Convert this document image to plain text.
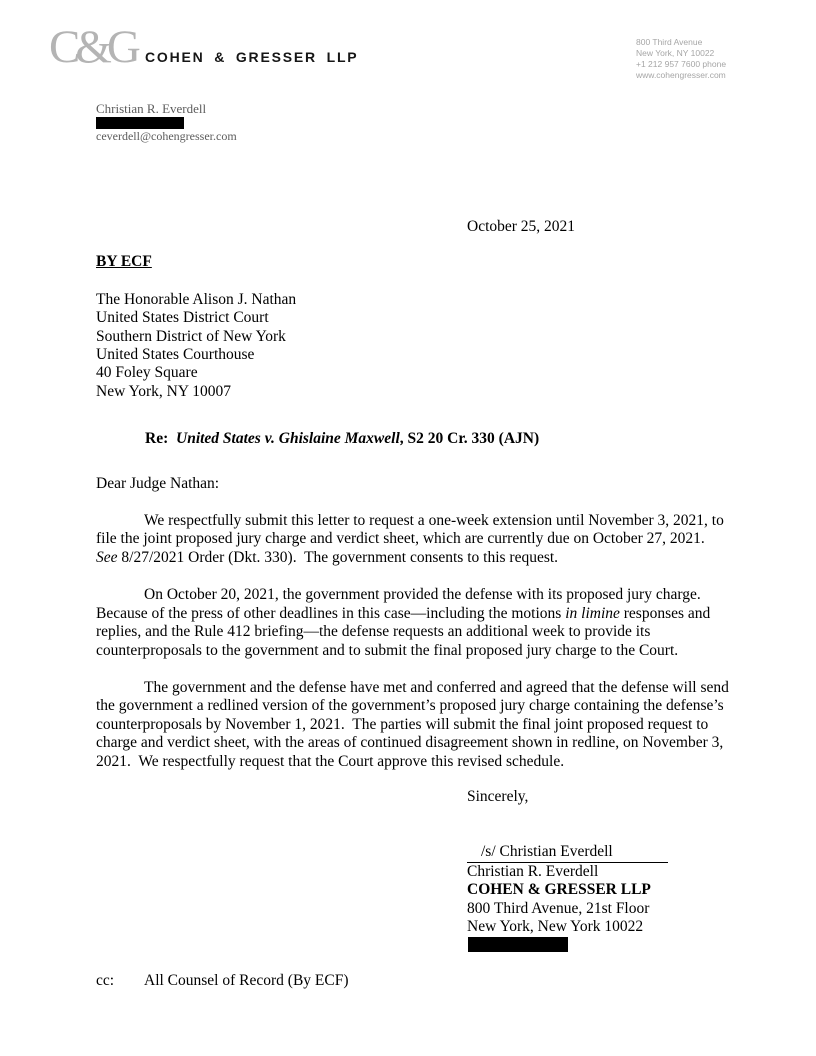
C&G COHEN & GRESSER LLP
800 Third Avenue
New York, NY 10022
+1 212 957 7600 phone
www.cohengresser.com
Christian R. Everdell
ceverdell@cohengresser.com
October 25, 2021
BY ECF
The Honorable Alison J. Nathan
United States District Court
Southern District of New York
United States Courthouse
40 Foley Square
New York, NY 10007
Re:  United States v. Ghislaine Maxwell, S2 20 Cr. 330 (AJN)
Dear Judge Nathan:
We respectfully submit this letter to request a one-week extension until November 3, 2021, to file the joint proposed jury charge and verdict sheet, which are currently due on October 27, 2021.  See 8/27/2021 Order (Dkt. 330).  The government consents to this request.
On October 20, 2021, the government provided the defense with its proposed jury charge.  Because of the press of other deadlines in this case—including the motions in limine responses and replies, and the Rule 412 briefing—the defense requests an additional week to provide its counterproposals to the government and to submit the final proposed jury charge to the Court.
The government and the defense have met and conferred and agreed that the defense will send the government a redlined version of the government’s proposed jury charge containing the defense’s counterproposals by November 1, 2021.  The parties will submit the final joint proposed request to charge and verdict sheet, with the areas of continued disagreement shown in redline, on November 3, 2021.  We respectfully request that the Court approve this revised schedule.
Sincerely,
/s/ Christian Everdell
Christian R. Everdell
COHEN & GRESSER LLP
800 Third Avenue, 21st Floor
New York, New York 10022
cc: All Counsel of Record (By ECF)
